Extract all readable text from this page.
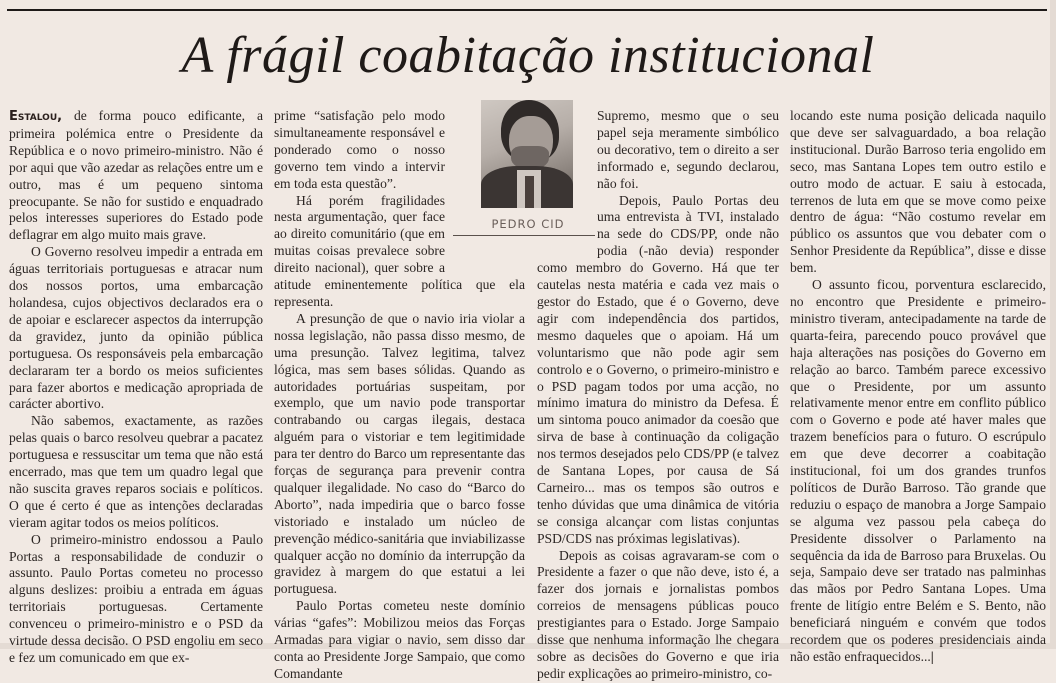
A frágil coabitação institucional

Estalou, de forma pouco edificante, a primeira polémica entre o Presidente da República e o novo primeiro-ministro. Não é por aqui que vão azedar as relações entre um e outro, mas é um pequeno sintoma preocupante. Se não for sustido e enquadrado pelos interesses superiores do Estado pode deflagrar em algo muito mais grave.

O Governo resolveu impedir a entrada em águas territoriais portuguesas e atracar num dos nossos portos, uma embarcação holandesa, cujos objectivos declarados era o de apoiar e esclarecer aspectos da interrupção da gravidez, junto da opinião pública portuguesa. Os responsáveis pela embarcação declararam ter a bordo os meios suficientes para fazer abortos e medicação apropriada de carácter abortivo.

Não sabemos, exactamente, as razões pelas quais o barco resolveu quebrar a pacatez portuguesa e ressuscitar um tema que não está encerrado, mas que tem um quadro legal que não suscita graves reparos sociais e políticos. O que é certo é que as intenções declaradas vieram agitar todos os meios políticos.

O primeiro-ministro endossou a Paulo Portas a responsabilidade de conduzir o assunto. Paulo Portas cometeu no processo alguns deslizes: proibiu a entrada em águas territoriais portuguesas. Certamente convenceu o primeiro-ministro e o PSD da virtude dessa decisão. O PSD engoliu em seco e fez um comunicado em que ex-

prime “satisfação pelo modo simultaneamente responsável e ponderado como o nosso governo tem vindo a intervir em toda esta questão”.

Há porém fragilidades nesta argumentação, quer face ao direito comunitário (que em muitas coisas prevalece sobre direito nacional), quer sobre a atitude eminentemente política que ela representa.

A presunção de que o navio iria violar a nossa legislação, não passa disso mesmo, de uma presunção. Talvez legitima, talvez lógica, mas sem bases sólidas. Quando as autoridades portuárias suspeitam, por exemplo, que um navio pode transportar contrabando ou cargas ilegais, destaca alguém para o vistoriar e tem legitimidade para ter dentro do Barco um representante das forças de segurança para prevenir contra qualquer ilegalidade. No caso do “Barco do Aborto”, nada impediria que o barco fosse vistoriado e instalado um núcleo de prevenção médico-sanitária que inviabilizasse qualquer acção no domínio da interrupção da gravidez à margem do que estatui a lei portuguesa.

Paulo Portas cometeu neste domínio várias “gafes”: Mobilizou meios das Forças Armadas para vigiar o navio, sem disso dar conta ao Presidente Jorge Sampaio, que como Comandante

PEDRO CID

Supremo, mesmo que o seu papel seja meramente simbólico ou decorativo, tem o direito a ser informado e, segundo declarou, não foi.

Depois, Paulo Portas deu uma entrevista à TVI, instalado na sede do CDS/PP, onde não podia (-não devia) responder como membro do Governo. Há que ter cautelas nesta matéria e cada vez mais o gestor do Estado, que é o Governo, deve agir com independência dos partidos, mesmo daqueles que o apoiam. Há um voluntarismo que não pode agir sem controlo e o Governo, o primeiro-ministro e o PSD pagam todos por uma acção, no mínimo imatura do ministro da Defesa. É um sintoma pouco animador da coesão que sirva de base à continuação da coligação nos termos desejados pelo CDS/PP (e talvez de Santana Lopes, por causa de Sá Carneiro... mas os tempos são outros e tenho dúvidas que uma dinâmica de vitória se consiga alcançar com listas conjuntas PSD/CDS nas próximas legislativas).

Depois as coisas agravaram-se com o Presidente a fazer o que não deve, isto é, a fazer dos jornais e jornalistas pombos correios de mensagens públicas pouco prestigiantes para o Estado. Jorge Sampaio disse que nenhuma informação lhe chegara sobre as decisões do Governo e que iria pedir explicações ao primeiro-ministro, co-

locando este numa posição delicada naquilo que deve ser salvaguardado, a boa relação institucional. Durão Barroso teria engolido em seco, mas Santana Lopes tem outro estilo e outro modo de actuar. E saiu à estocada, terrenos de luta em que se move como peixe dentro de água: “Não costumo revelar em público os assuntos que vou debater com o Senhor Presidente da República”, disse e disse bem.

O assunto ficou, porventura esclarecido, no encontro que Presidente e primeiro-ministro tiveram, antecipadamente na tarde de quarta-feira, parecendo pouco provável que haja alterações nas posições do Governo em relação ao barco. Também parece excessivo que o Presidente, por um assunto relativamente menor entre em conflito público com o Governo e pode até haver males que trazem benefícios para o futuro. O escrúpulo em que deve decorrer a coabitação institucional, foi um dos grandes trunfos políticos de Durão Barroso. Tão grande que reduziu o espaço de manobra a Jorge Sampaio se alguma vez passou pela cabeça do Presidente dissolver o Parlamento na sequência da ida de Barroso para Bruxelas. Ou seja, Sampaio deve ser tratado nas palminhas das mãos por Pedro Santana Lopes. Uma frente de litígio entre Belém e S. Bento, não beneficiará ninguém e convém que todos recordem que os poderes presidenciais ainda não estão enfraquecidos...|
